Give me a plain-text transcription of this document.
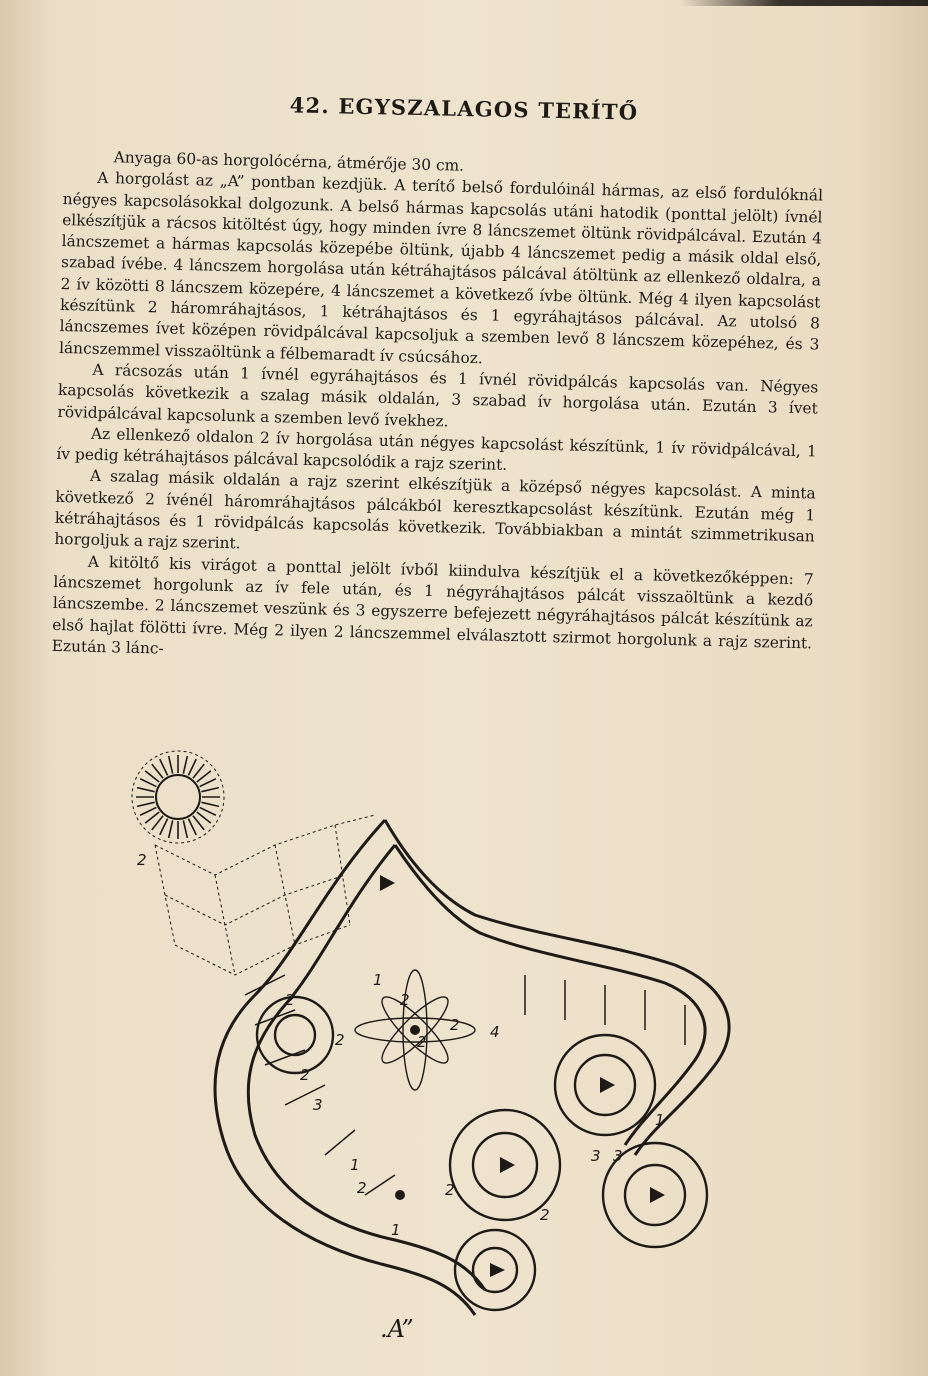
42. EGYSZALAGOS TERÍTŐ

Anyaga 60-as horgolócérna, átmérője 30 cm.

A horgolást az „A” pontban kezdjük. A terítő belső fordulóinál hármas, az első fordulóknál négyes kapcsolásokkal dolgozunk. A belső hármas kapcsolás utáni hatodik (ponttal jelölt) ívnél elkészítjük a rácsos kitöltést úgy, hogy minden ívre 8 láncszemet öltünk rövidpálcával. Ezután 4 láncszemet a hármas kapcsolás közepébe öltünk, újabb 4 láncszemet pedig a másik oldal első, szabad ívébe. 4 láncszem horgolása után kétráhajtásos pálcával átöltünk az ellenkező oldalra, a 2 ív közötti 8 láncszem közepére, 4 láncszemet a következő ívbe öltünk. Még 4 ilyen kapcsolást készítünk 2 háromráhajtásos, 1 kétráhajtásos és 1 egyráhajtásos pálcával. Az utolsó 8 láncszemes ívet középen rövidpálcával kapcsoljuk a szemben levő 8 láncszem közepéhez, és 3 láncszemmel visszaöltünk a félbemaradt ív csúcsához.

A rácsozás után 1 ívnél egyráhajtásos és 1 ívnél rövidpálcás kapcsolás van. Négyes kapcsolás következik a szalag másik oldalán, 3 szabad ív horgolása után. Ezután 3 ívet rövidpálcával kapcsolunk a szemben levő ívekhez.

Az ellenkező oldalon 2 ív horgolása után négyes kapcsolást készítünk, 1 ív rövidpálcával, 1 ív pedig kétráhajtásos pálcával kapcsolódik a rajz szerint.

A szalag másik oldalán a rajz szerint elkészítjük a középső négyes kapcsolást. A minta következő 2 ívénél háromráhajtásos pálcákból keresztkapcsolást készítünk. Ezután még 1 kétráhajtásos és 1 rövidpálcás kapcsolás következik. Továbbiakban a mintát szimmetrikusan horgoljuk a rajz szerint.

A kitöltő kis virágot a ponttal jelölt ívből kiindulva készítjük el a következőképpen: 7 láncszemet horgolunk az ív fele után, és 1 négyráhajtásos pálcát visszaöltünk a kezdő láncszembe. 2 láncszemet veszünk és 3 egyszerre befejezett négyráhajtásos pálcát készítünk az első hajlat fölötti ívre. Még 2 ilyen 2 láncszemmel elválasztott szirmot horgolunk a rajz szerint. Ezután 3 lánc-

2
1
2
2
2
4
2
2
3
1
2
1
2
3 3
2
1
2
.A”
